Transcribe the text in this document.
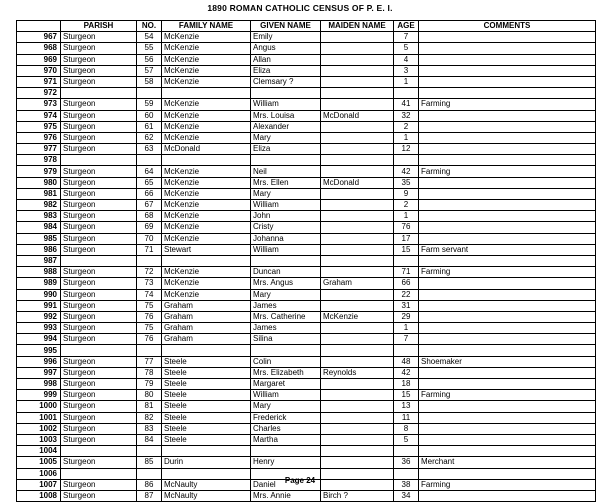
1890 ROMAN CATHOLIC CENSUS OF P. E. I.
	PARISH	NO.	FAMILY NAME	GIVEN NAME	MAIDEN NAME	AGE	COMMENTS
967	Sturgeon	54	McKenzie	Emily		7	
968	Sturgeon	55	McKenzie	Angus		5	
969	Sturgeon	56	McKenzie	Allan		4	
970	Sturgeon	57	McKenzie	Eliza		3	
971	Sturgeon	58	McKenzie	Clemsary ?		1	
972							
973	Sturgeon	59	McKenzie	William		41	Farming
974	Sturgeon	60	McKenzie	Mrs. Louisa	McDonald	32	
975	Sturgeon	61	McKenzie	Alexander		2	
976	Sturgeon	62	McKenzie	Mary		1	
977	Sturgeon	63	McDonald	Eliza		12	
978							
979	Sturgeon	64	McKenzie	Neil		42	Farming
980	Sturgeon	65	McKenzie	Mrs. Ellen	McDonald	35	
981	Sturgeon	66	McKenzie	Mary		9	
982	Sturgeon	67	McKenzie	William		2	
983	Sturgeon	68	McKenzie	John		1	
984	Sturgeon	69	McKenzie	Cristy		76	
985	Sturgeon	70	McKenzie	Johanna		17	
986	Sturgeon	71	Stewart	William		15	Farm servant
987							
988	Sturgeon	72	McKenzie	Duncan		71	Farming
989	Sturgeon	73	McKenzie	Mrs. Angus	Graham	66	
990	Sturgeon	74	McKenzie	Mary		22	
991	Sturgeon	75	Graham	James		31	
992	Sturgeon	76	Graham	Mrs. Catherine	McKenzie	29	
993	Sturgeon	75	Graham	James		1	
994	Sturgeon	76	Graham	Silina		7	
995							
996	Sturgeon	77	Steele	Colin		48	Shoemaker
997	Sturgeon	78	Steele	Mrs. Elizabeth	Reynolds	42	
998	Sturgeon	79	Steele	Margaret		18	
999	Sturgeon	80	Steele	William		15	Farming
1000	Sturgeon	81	Steele	Mary		13	
1001	Sturgeon	82	Steele	Frederick		11	
1002	Sturgeon	83	Steele	Charles		8	
1003	Sturgeon	84	Steele	Martha		5	
1004							
1005	Sturgeon	85	Durin	Henry		36	Merchant
1006							
1007	Sturgeon	86	McNaulty	Daniel		38	Farming
1008	Sturgeon	87	McNaulty	Mrs. Annie	Birch ?	34	
Page 24
